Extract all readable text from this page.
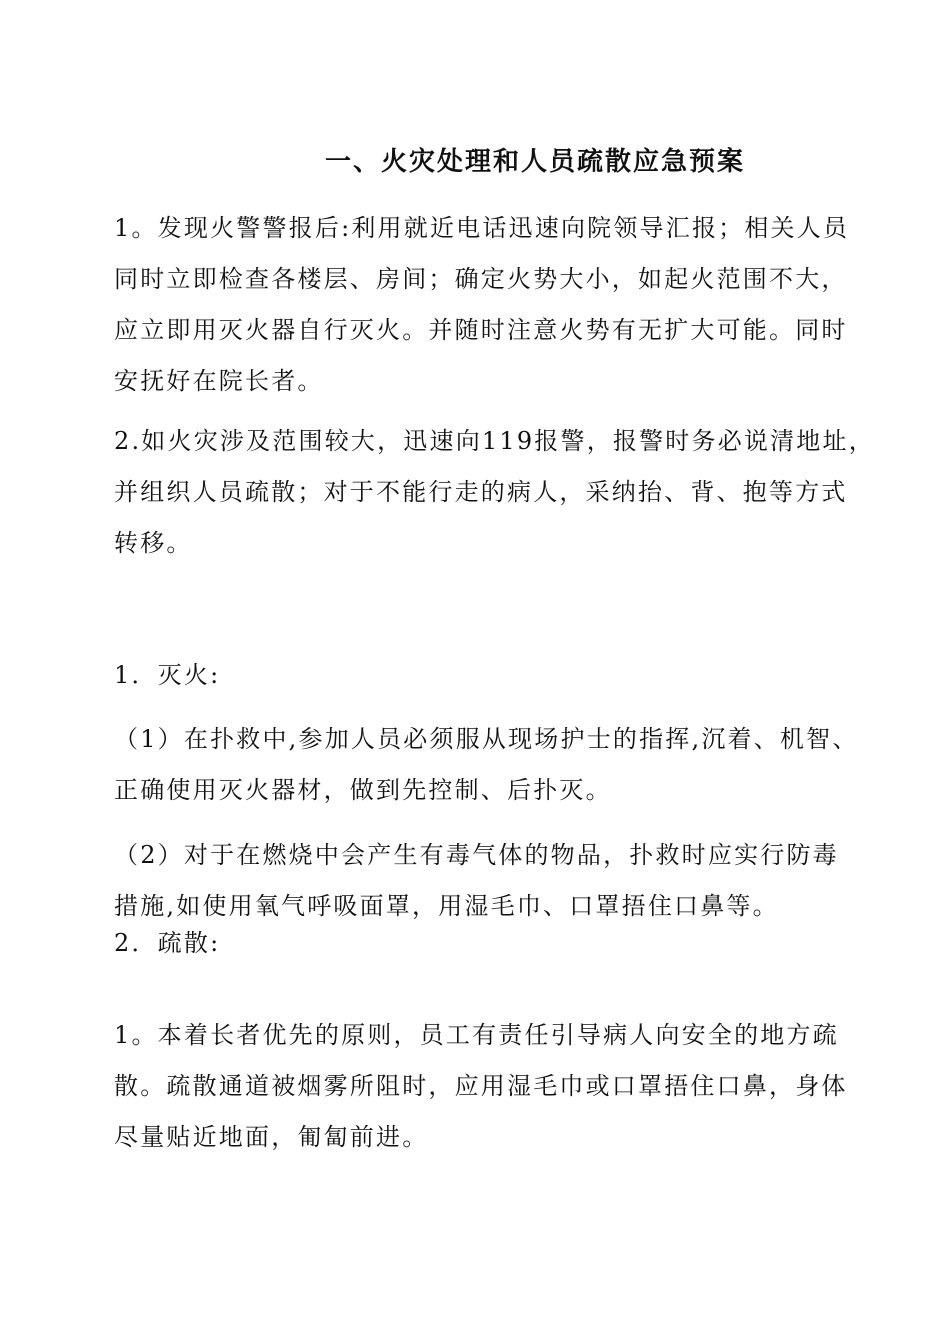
一、火灾处理和人员疏散应急预案
1。发现火警警报后:利用就近电话迅速向院领导汇报；相关人员
同时立即检查各楼层、房间；确定火势大小，如起火范围不大，
应立即用灭火器自行灭火。并随时注意火势有无扩大可能。同时
安抚好在院长者。
2.如火灾涉及范围较大，迅速向119报警，报警时务必说清地址，
并组织人员疏散；对于不能行走的病人，采纳抬、背、抱等方式
转移。
1．灭火:
（1）在扑救中,参加人员必须服从现场护士的指挥,沉着、机智、
正确使用灭火器材，做到先控制、后扑灭。
（2）对于在燃烧中会产生有毒气体的物品，扑救时应实行防毒
措施,如使用氧气呼吸面罩，用湿毛巾、口罩捂住口鼻等。
2．疏散:
1。本着长者优先的原则，员工有责任引导病人向安全的地方疏
散。疏散通道被烟雾所阻时，应用湿毛巾或口罩捂住口鼻，身体
尽量贴近地面，匍匐前进。
